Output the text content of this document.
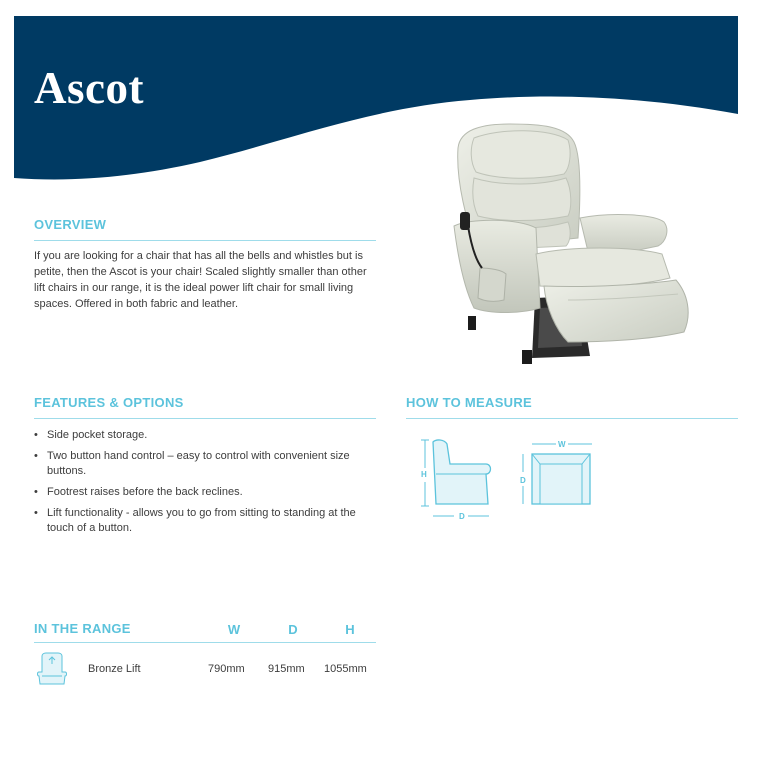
Ascot
OVERVIEW

If you are looking for a chair that has all the bells and whistles but is petite, then the Ascot is your chair! Scaled slightly smaller than other lift chairs in our range, it is the ideal power lift chair for small living spaces. Offered in both fabric and leather.

FEATURES & OPTIONS
• Side pocket storage.
• Two button hand control – easy to control with convenient size buttons.
• Footrest raises before the back reclines.
• Lift functionality - allows you to go from sitting to standing at the touch of a button.
HOW TO MEASURE
H
D
W
D
IN THE RANGE	W	D	H
Bronze Lift	790mm 915mm 1055mm
